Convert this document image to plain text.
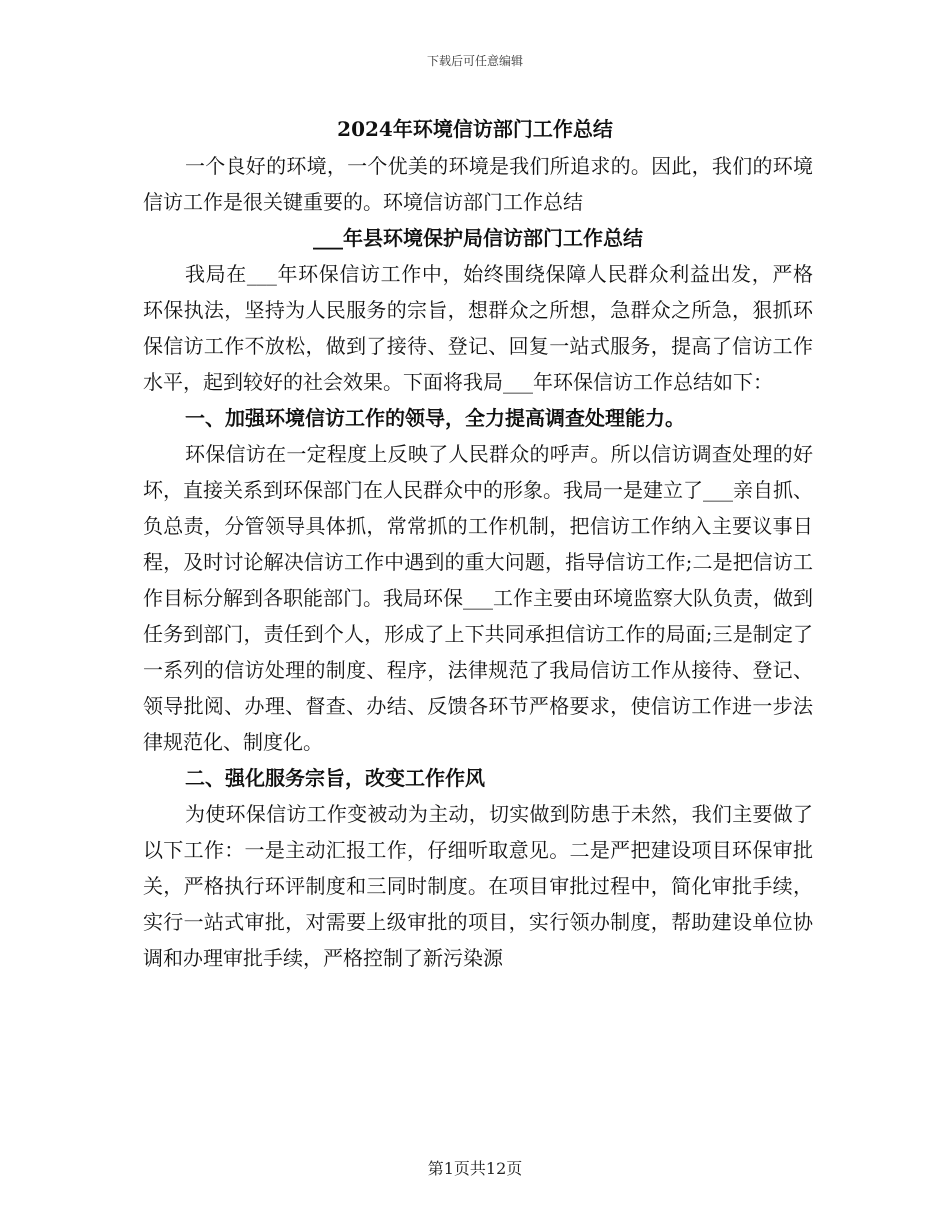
下载后可任意编辑
2024年环境信访部门工作总结

一个良好的环境，一个优美的环境是我们所追求的。因此，我们的环境信访工作是很关键重要的。环境信访部门工作总结

___年县环境保护局信访部门工作总结

我局在___年环保信访工作中，始终围绕保障人民群众利益出发，严格环保执法，坚持为人民服务的宗旨，想群众之所想，急群众之所急，狠抓环保信访工作不放松，做到了接待、登记、回复一站式服务，提高了信访工作水平，起到较好的社会效果。下面将我局___年环保信访工作总结如下：

一、加强环境信访工作的领导，全力提高调查处理能力。

环保信访在一定程度上反映了人民群众的呼声。所以信访调查处理的好坏，直接关系到环保部门在人民群众中的形象。我局一是建立了___亲自抓、负总责，分管领导具体抓，常常抓的工作机制，把信访工作纳入主要议事日程，及时讨论解决信访工作中遇到的重大问题，指导信访工作;二是把信访工作目标分解到各职能部门。我局环保___工作主要由环境监察大队负责，做到任务到部门，责任到个人，形成了上下共同承担信访工作的局面;三是制定了一系列的信访处理的制度、程序，法律规范了我局信访工作从接待、登记、领导批阅、办理、督查、办结、反馈各环节严格要求，使信访工作进一步法律规范化、制度化。

二、强化服务宗旨，改变工作作风

为使环保信访工作变被动为主动，切实做到防患于未然，我们主要做了以下工作：一是主动汇报工作，仔细听取意见。二是严把建设项目环保审批关，严格执行环评制度和三同时制度。在项目审批过程中，简化审批手续，实行一站式审批，对需要上级审批的项目，实行领办制度，帮助建设单位协调和办理审批手续，严格控制了新污染源

第1页共12页
